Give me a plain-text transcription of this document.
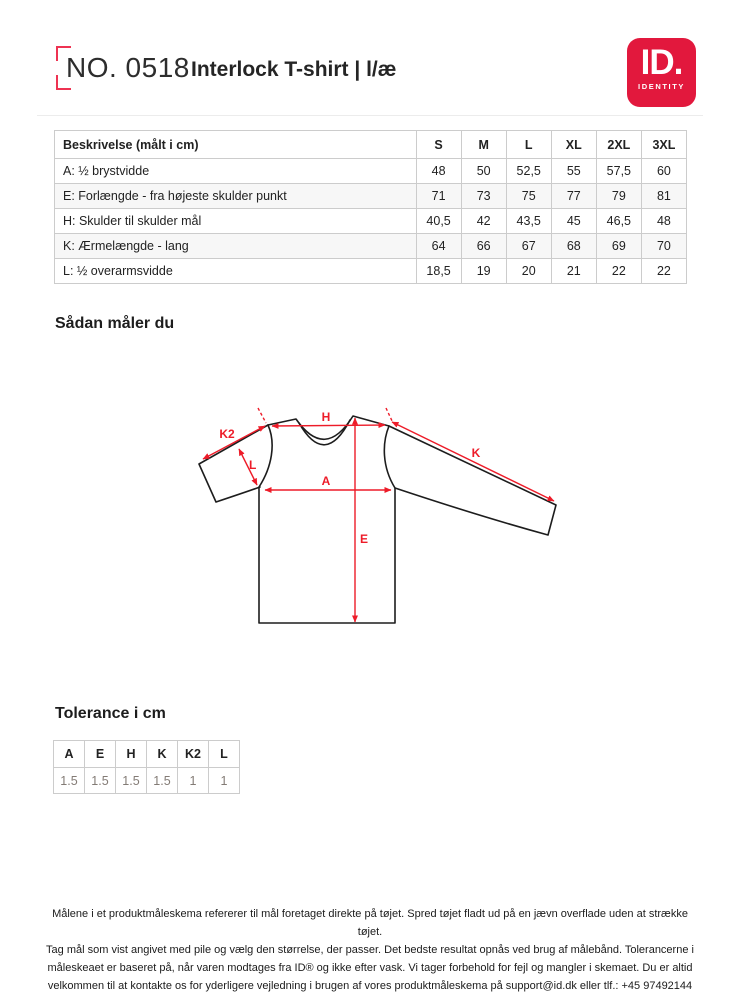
NO. 0518 Interlock T-shirt | l/æ	ID.
IDENTITY
Beskrivelse (målt i cm)	S	M	L	XL	2XL	3XL
A: ½ brystvidde	48	50	52,5	55	57,5	60
E: Forlængde - fra højeste skulder punkt	71	73	75	77	79	81
H: Skulder til skulder mål	40,5	42	43,5	45	46,5	48
K: Ærmelængde - lang	64	66	67	68	69	70
L: ½ overarmsvidde	18,5	19	20	21	22	22
Sådan måler du
H
A
E
K
K2
L
Tolerance i cm
A	E	H	K	K2	L
1.5	1.5	1.5	1.5	1	1
Målene i et produktmåleskema refererer til mål foretaget direkte på tøjet. Spred tøjet fladt ud på en jævn overflade uden at strække tøjet.
Tag mål som vist angivet med pile og vælg den størrelse, der passer. Det bedste resultat opnås ved brug af målebånd. Tolerancerne i
måleskeaet er baseret på, når varen modtages fra ID® og ikke efter vask. Vi tager forbehold for fejl og mangler i skemaet. Du er altid
velkommen til at kontakte os for yderligere vejledning i brugen af vores produktmåleskema på support@id.dk eller tlf.: +45 97492144
